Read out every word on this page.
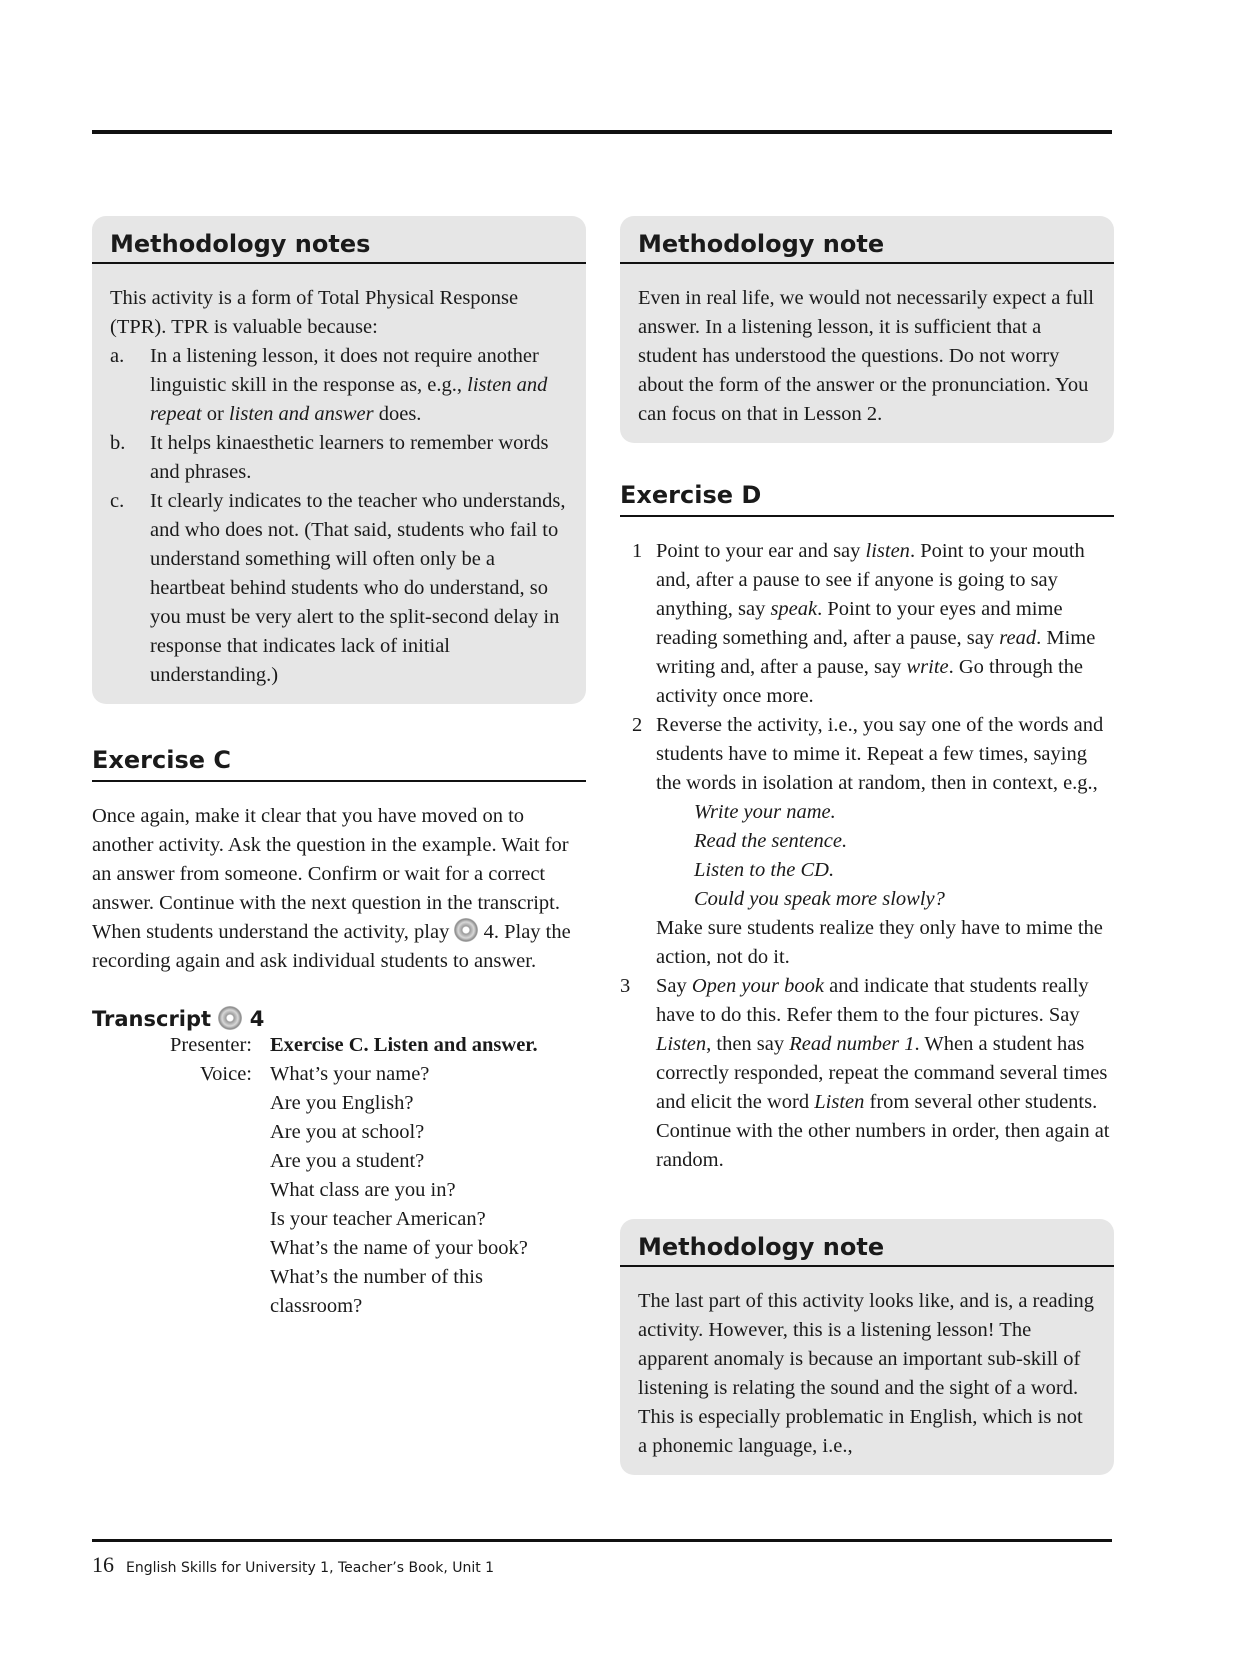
Methodology notes
This activity is a form of Total Physical Response (TPR). TPR is valuable because:
a.	In a listening lesson, it does not require another linguistic skill in the response as, e.g., listen and repeat or listen and answer does.
b.	It helps kinaesthetic learners to remember words and phrases.
c.	It clearly indicates to the teacher who understands, and who does not. (That said, students who fail to understand something will often only be a heartbeat behind students who do understand, so you must be very alert to the split-second delay in response that indicates lack of initial understanding.)
Exercise C
Once again, make it clear that you have moved on to another activity. Ask the question in the example. Wait for an answer from someone. Confirm or wait for a correct answer. Continue with the next question in the transcript. When students understand the activity, play  4. Play the recording again and ask individual students to answer.
Transcript 4
Presenter: Exercise C. Listen and answer.
Voice: What’s your name?
Are you English?
Are you at school?
Are you a student?
What class are you in?
Is your teacher American?
What’s the name of your book?
What’s the number of this classroom?
Methodology note
Even in real life, we would not necessarily expect a full answer. In a listening lesson, it is sufficient that a student has understood the questions. Do not worry about the form of the answer or the pronunciation. You can focus on that in Lesson 2.
Exercise D
1 Point to your ear and say listen. Point to your mouth and, after a pause to see if anyone is going to say anything, say speak. Point to your eyes and mime reading something and, after a pause, say read. Mime writing and, after a pause, say write. Go through the activity once more.
2 Reverse the activity, i.e., you say one of the words and students have to mime it. Repeat a few times, saying the words in isolation at random, then in context, e.g.,
Write your name.
Read the sentence.
Listen to the CD.
Could you speak more slowly?
Make sure students realize they only have to mime the action, not do it.
3	Say Open your book and indicate that students really have to do this. Refer them to the four pictures. Say Listen, then say Read number 1. When a student has correctly responded, repeat the command several times and elicit the word Listen from several other students. Continue with the other numbers in order, then again at random.
Methodology note
The last part of this activity looks like, and is, a reading activity. However, this is a listening lesson! The apparent anomaly is because an important sub-skill of listening is relating the sound and the sight of a word. This is especially problematic in English, which is not a phonemic language, i.e.,
16 English Skills for University 1, Teacher’s Book, Unit 1
